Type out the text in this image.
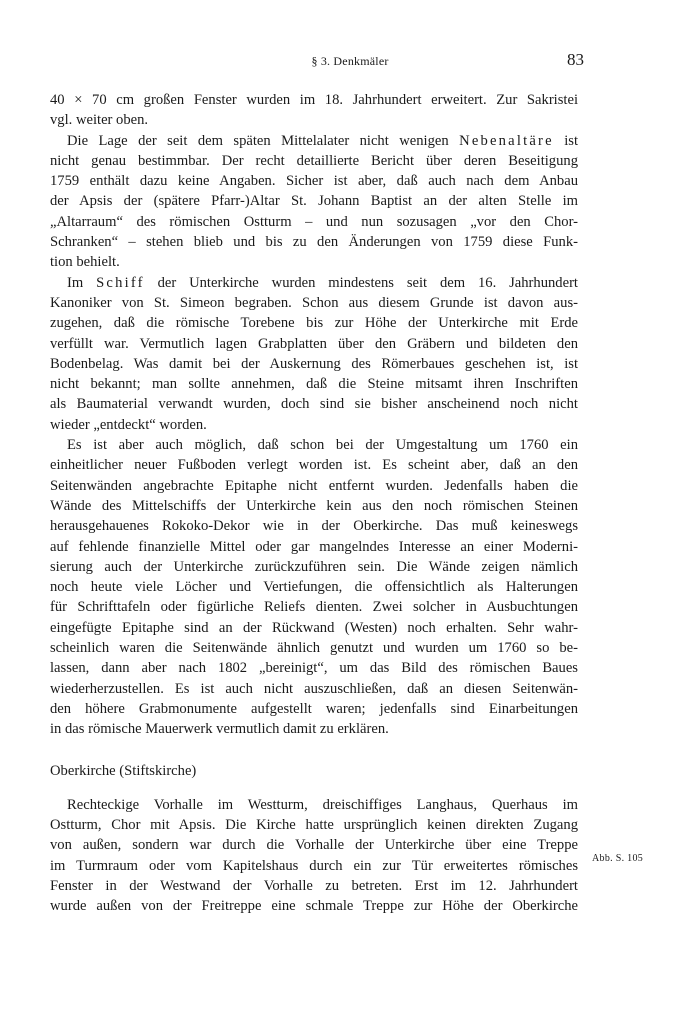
§ 3. Denkmäler	83
40 × 70 cm großen Fenster wurden im 18. Jahrhundert erweitert. Zur Sakristei
vgl. weiter oben.
Die Lage der seit dem späten Mittelalater nicht wenigen Nebenaltäre ist
nicht genau bestimmbar. Der recht detaillierte Bericht über deren Beseitigung
1759 enthält dazu keine Angaben. Sicher ist aber, daß auch nach dem Anbau
der Apsis der (spätere Pfarr-)Altar St. Johann Baptist an der alten Stelle im
„Altarraum“ des römischen Ostturm – und nun sozusagen „vor den Chor-
Schranken“ – stehen blieb und bis zu den Änderungen von 1759 diese Funk-
tion behielt.
Im Schiff der Unterkirche wurden mindestens seit dem 16. Jahrhundert
Kanoniker von St. Simeon begraben. Schon aus diesem Grunde ist davon aus-
zugehen, daß die römische Torebene bis zur Höhe der Unterkirche mit Erde
verfüllt war. Vermutlich lagen Grabplatten über den Gräbern und bildeten den
Bodenbelag. Was damit bei der Auskernung des Römerbaues geschehen ist, ist
nicht bekannt; man sollte annehmen, daß die Steine mitsamt ihren Inschriften
als Baumaterial verwandt wurden, doch sind sie bisher anscheinend noch nicht
wieder „entdeckt“ worden.
Es ist aber auch möglich, daß schon bei der Umgestaltung um 1760 ein
einheitlicher neuer Fußboden verlegt worden ist. Es scheint aber, daß an den
Seitenwänden angebrachte Epitaphe nicht entfernt wurden. Jedenfalls haben die
Wände des Mittelschiffs der Unterkirche kein aus den noch römischen Steinen
herausgehauenes Rokoko-Dekor wie in der Oberkirche. Das muß keineswegs
auf fehlende finanzielle Mittel oder gar mangelndes Interesse an einer Moderni-
sierung auch der Unterkirche zurückzuführen sein. Die Wände zeigen nämlich
noch heute viele Löcher und Vertiefungen, die offensichtlich als Halterungen
für Schrifttafeln oder figürliche Reliefs dienten. Zwei solcher in Ausbuchtungen
eingefügte Epitaphe sind an der Rückwand (Westen) noch erhalten. Sehr wahr-
scheinlich waren die Seitenwände ähnlich genutzt und wurden um 1760 so be-
lassen, dann aber nach 1802 „bereinigt“, um das Bild des römischen Baues
wiederherzustellen. Es ist auch nicht auszuschließen, daß an diesen Seitenwän-
den höhere Grabmonumente aufgestellt waren; jedenfalls sind Einarbeitungen
in das römische Mauerwerk vermutlich damit zu erklären.
Oberkirche (Stiftskirche)
Rechteckige Vorhalle im Westturm, dreischiffiges Langhaus, Querhaus im
Ostturm, Chor mit Apsis. Die Kirche hatte ursprünglich keinen direkten Zugang
von außen, sondern war durch die Vorhalle der Unterkirche über eine Treppe
im Turmraum oder vom Kapitelshaus durch ein zur Tür erweitertes römisches
Fenster in der Westwand der Vorhalle zu betreten. Erst im 12. Jahrhundert
wurde außen von der Freitreppe eine schmale Treppe zur Höhe der Oberkirche
Abb. S. 105
